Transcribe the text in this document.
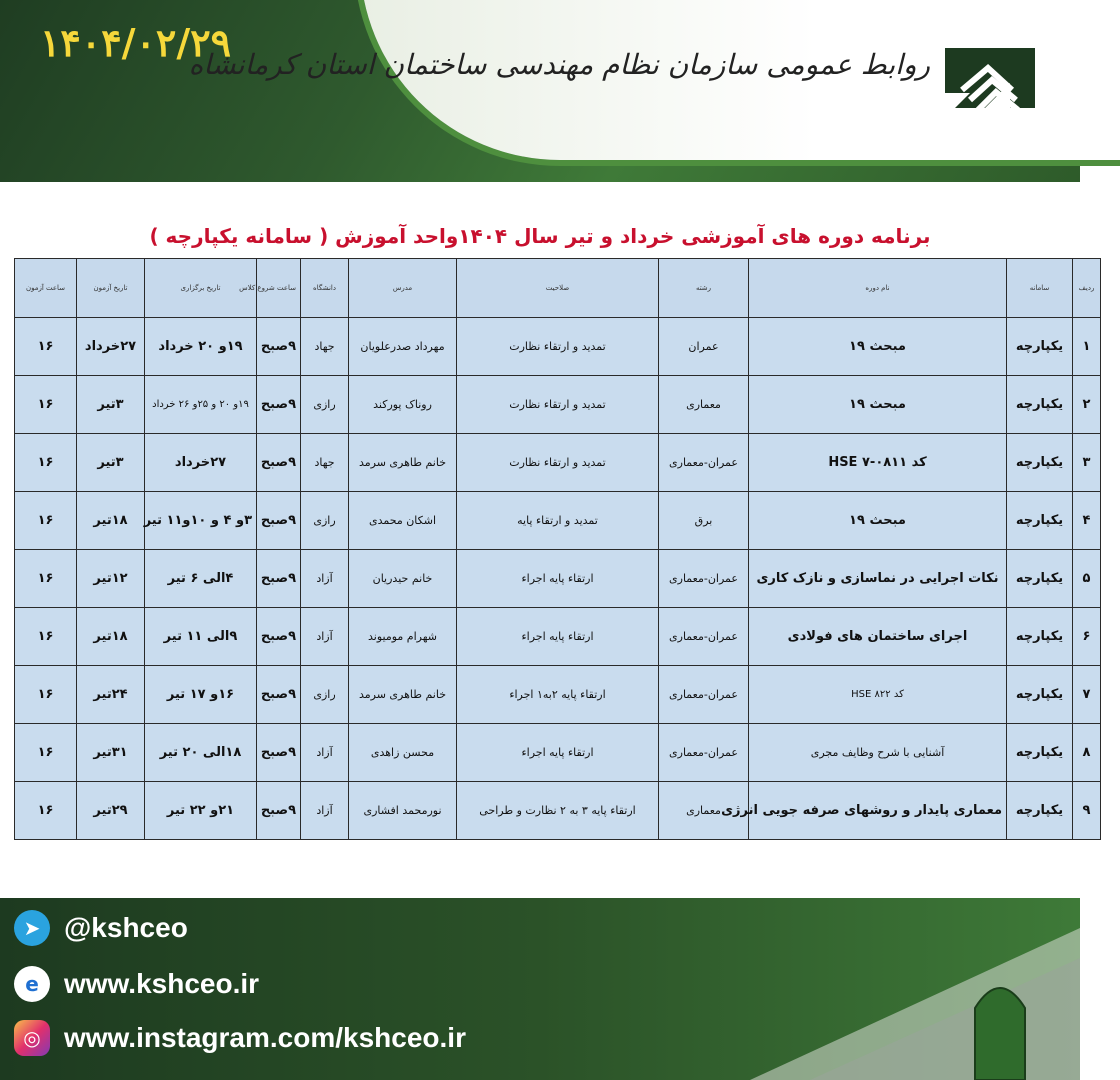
۱۴۰۴/۰۲/۲۹
روابط عمومی سازمان نظام مهندسی ساختمان استان کرمانشاه
برنامه دوره های آموزشی خرداد و تیر سال ۱۴۰۴واحد آموزش ( سامانه یکپارچه )
ردیف	سامانه	نام دوره	رشته	صلاحیت	مدرس	دانشگاه	ساعت شروع کلاس	تاریخ برگزاری	تاریخ آزمون	ساعت آزمون
۱	یکپارچه	مبحث ۱۹	عمران	تمدید و ارتقاء نظارت	مهرداد صدرعلویان	جهاد	۹صبح	۱۹و ۲۰ خرداد	۲۷خرداد	۱۶
۲	یکپارچه	مبحث ۱۹	معماری	تمدید و ارتقاء نظارت	روناک پورکند	رازی	۹صبح	۱۹و ۲۰ و ۲۵و ۲۶ خرداد	۳تیر	۱۶
۳	یکپارچه	کد ۰۸۱۱-۷ HSE	عمران-معماری	تمدید و ارتقاء نظارت	خانم طاهری سرمد	جهاد	۹صبح	۲۷خرداد	۳تیر	۱۶
۴	یکپارچه	مبحث ۱۹	برق	تمدید و ارتقاء پایه	اشکان محمدی	رازی	۹صبح	۳و ۴ و ۱۰و۱۱ تیر	۱۸تیر	۱۶
۵	یکپارچه	نکات اجرایی در نماسازی و نازک کاری	عمران-معماری	ارتقاء پایه اجراء	خانم حیدریان	آزاد	۹صبح	۴الی ۶ تیر	۱۲تیر	۱۶
۶	یکپارچه	اجرای ساختمان های فولادی	عمران-معماری	ارتقاء پایه اجراء	شهرام مومیوند	آزاد	۹صبح	۹الی ۱۱ تیر	۱۸تیر	۱۶
۷	یکپارچه	کد ۸۲۲ HSE	عمران-معماری	ارتقاء پایه ۲به۱ اجراء	خانم طاهری سرمد	رازی	۹صبح	۱۶و ۱۷ تیر	۲۴تیر	۱۶
۸	یکپارچه	آشنایی با شرح وظایف مجری	عمران-معماری	ارتقاء پایه اجراء	محسن زاهدی	آزاد	۹صبح	۱۸الی ۲۰ تیر	۳۱تیر	۱۶
۹	یکپارچه	معماری پایدار و روشهای صرفه جویی انرژی	معماری	ارتقاء پایه ۳ به ۲ نظارت و طراحی	نورمحمد افشاری	آزاد	۹صبح	۲۱و ۲۲ تیر	۲۹تیر	۱۶
➤ @kshceo
e www.kshceo.ir
◎ www.instagram.com/kshceo.ir
